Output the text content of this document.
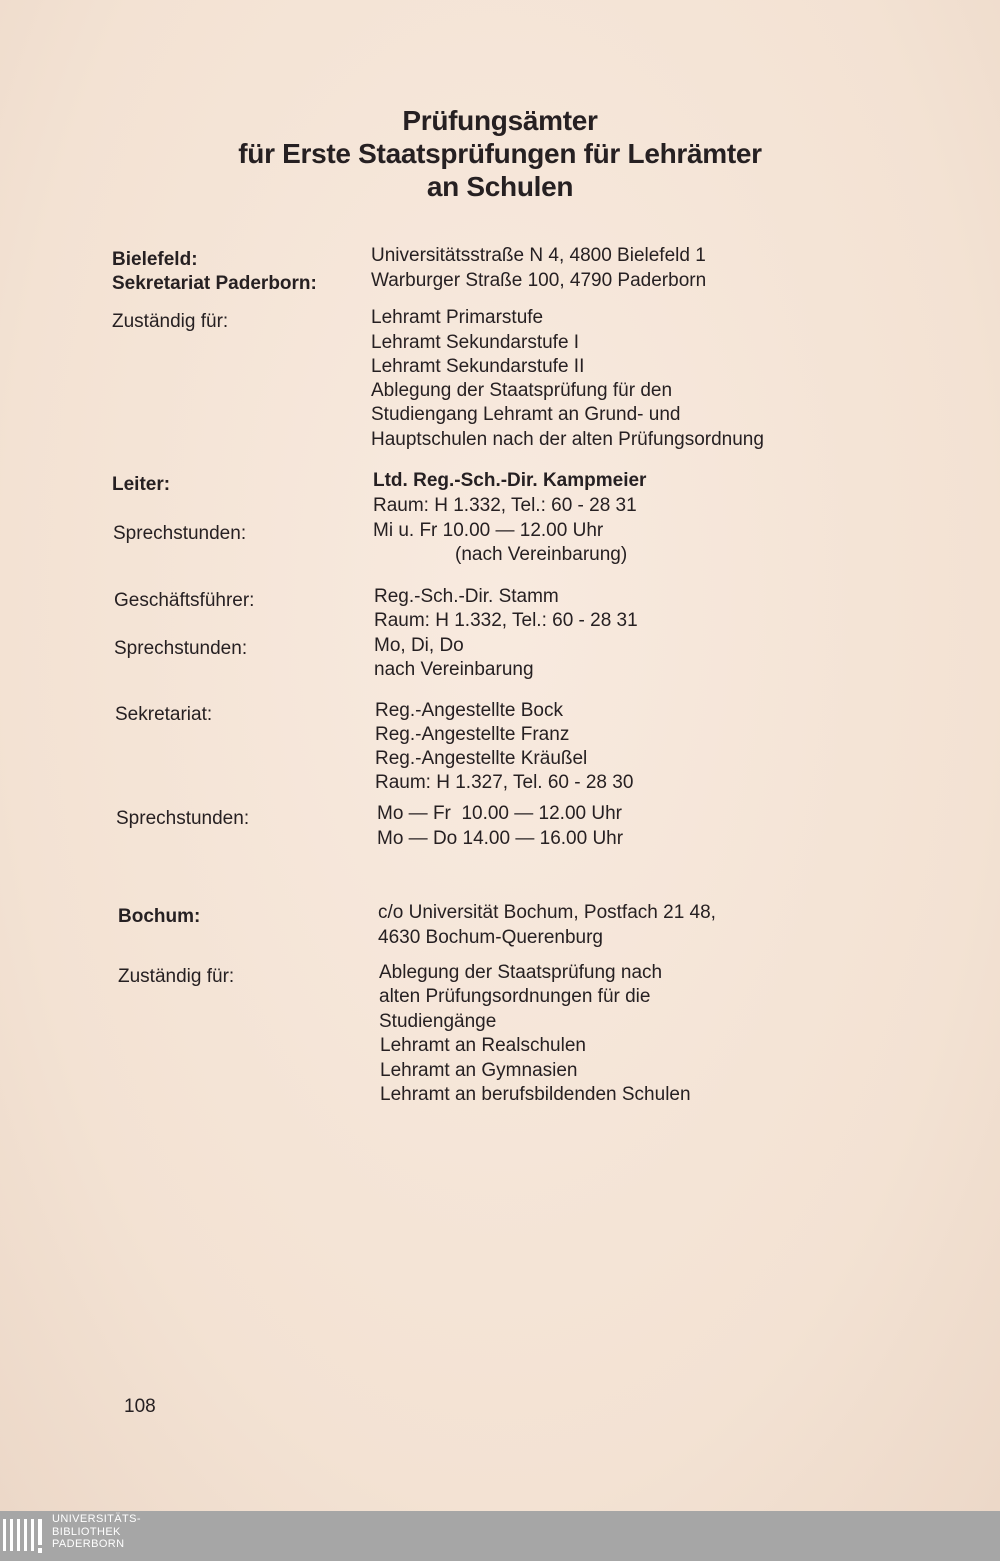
Prüfungsämter
für Erste Staatsprüfungen für Lehrämter
an Schulen
Bielefeld:	Universitätsstraße N 4, 4800 Bielefeld 1
Sekretariat Paderborn:	Warburger Straße 100, 4790 Paderborn
Zuständig für:	Lehramt Primarstufe
Lehramt Sekundarstufe I
Lehramt Sekundarstufe II
Ablegung der Staatsprüfung für den
Studiengang Lehramt an Grund- und
Hauptschulen nach der alten Prüfungsordnung
Leiter:	Ltd. Reg.-Sch.-Dir. Kampmeier
Raum: H 1.332, Tel.: 60 - 28 31
Sprechstunden:	Mi u. Fr 10.00 — 12.00 Uhr
(nach Vereinbarung)
Geschäftsführer:	Reg.-Sch.-Dir. Stamm
Raum: H 1.332, Tel.: 60 - 28 31
Sprechstunden:	Mo, Di, Do
nach Vereinbarung
Sekretariat:	Reg.-Angestellte Bock
Reg.-Angestellte Franz
Reg.-Angestellte Kräußel
Raum: H 1.327, Tel. 60 - 28 30
Sprechstunden:	Mo — Fr  10.00 — 12.00 Uhr
Mo — Do 14.00 — 16.00 Uhr
Bochum:	c/o Universität Bochum, Postfach 21 48,
4630 Bochum-Querenburg
Zuständig für:	Ablegung der Staatsprüfung nach
alten Prüfungsordnungen für die
Studiengänge
Lehramt an Realschulen
Lehramt an Gymnasien
Lehramt an berufsbildenden Schulen
108
UNIVERSITÄTS-
BIBLIOTHEK
PADERBORN
